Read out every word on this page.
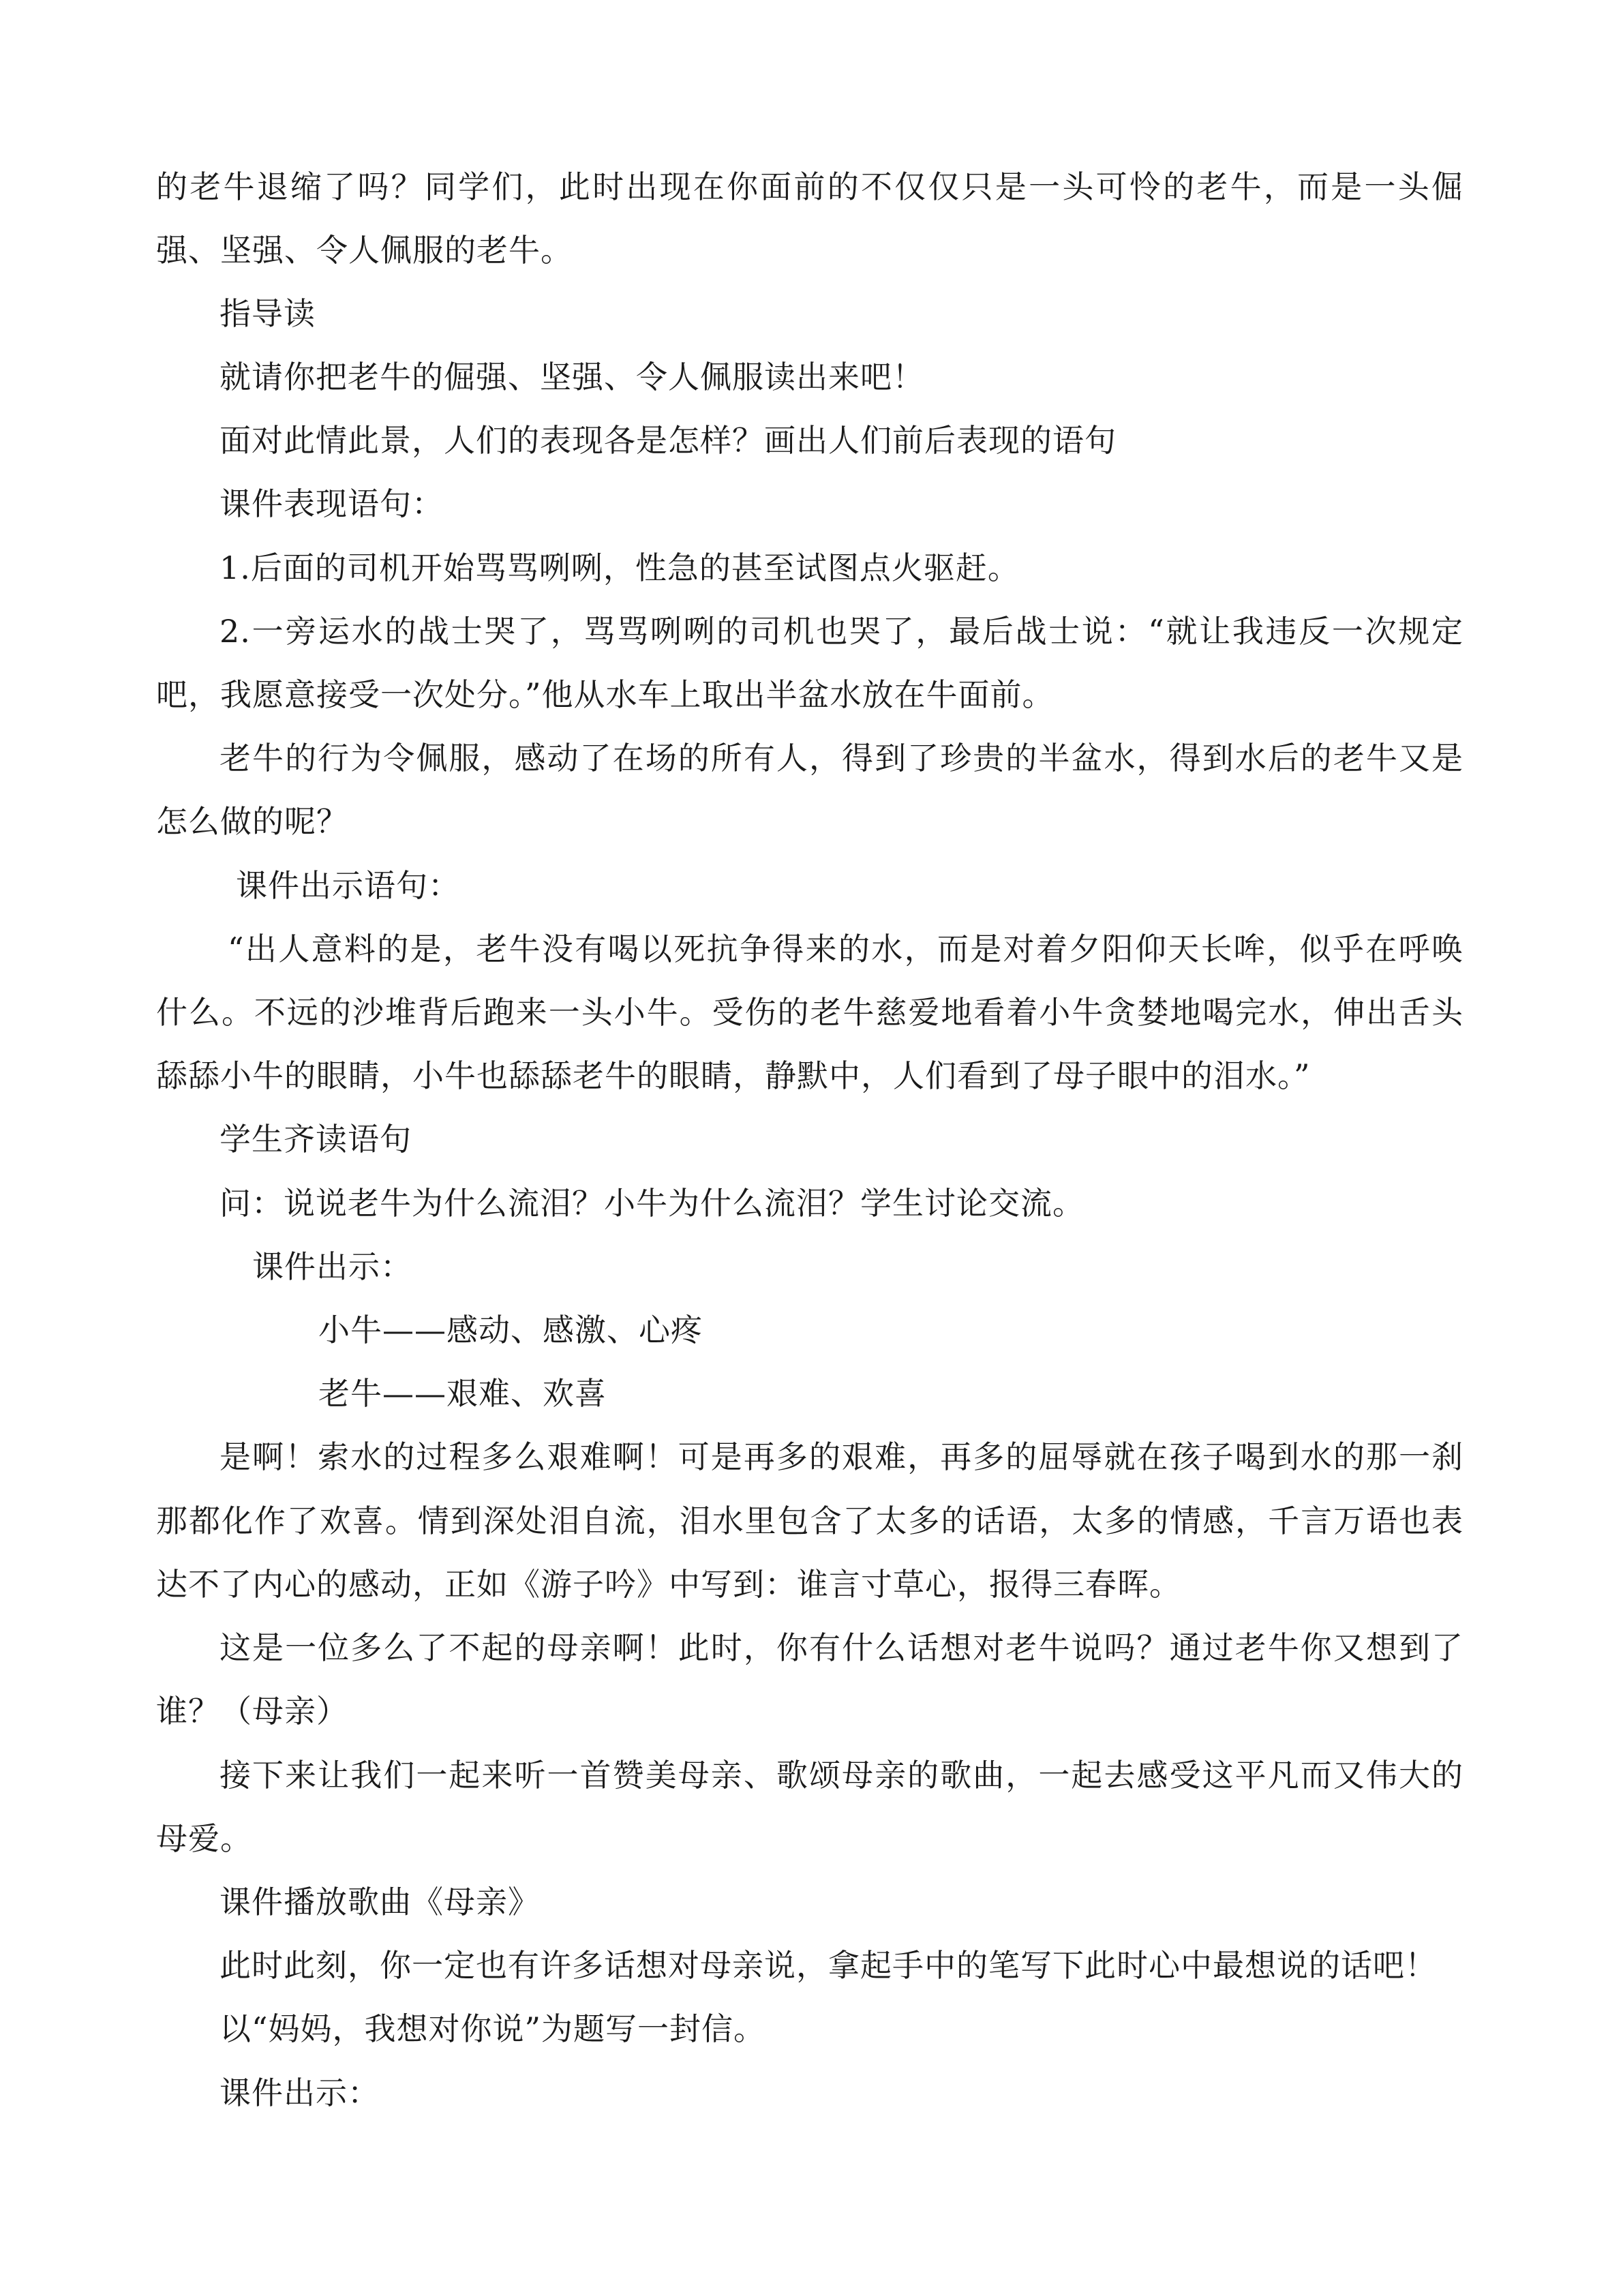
的老牛退缩了吗？同学们，此时出现在你面前的不仅仅只是一头可怜的老牛，而是一头倔
强、坚强、令人佩服的老牛。
指导读
就请你把老牛的倔强、坚强、令人佩服读出来吧！
面对此情此景，人们的表现各是怎样？画出人们前后表现的语句
课件表现语句：
1.后面的司机开始骂骂咧咧，性急的甚至试图点火驱赶。
2.一旁运水的战士哭了，骂骂咧咧的司机也哭了，最后战士说：“就让我违反一次规定
吧，我愿意接受一次处分。”他从水车上取出半盆水放在牛面前。
老牛的行为令佩服，感动了在场的所有人，得到了珍贵的半盆水，得到水后的老牛又是
怎么做的呢？
课件出示语句：
“出人意料的是，老牛没有喝以死抗争得来的水，而是对着夕阳仰天长哞，似乎在呼唤
什么。不远的沙堆背后跑来一头小牛。受伤的老牛慈爱地看着小牛贪婪地喝完水，伸出舌头
舔舔小牛的眼睛，小牛也舔舔老牛的眼睛，静默中，人们看到了母子眼中的泪水。”
学生齐读语句
问：说说老牛为什么流泪？小牛为什么流泪？学生讨论交流。
课件出示：
小牛——感动、感激、心疼
老牛——艰难、欢喜
是啊！索水的过程多么艰难啊！可是再多的艰难，再多的屈辱就在孩子喝到水的那一刹
那都化作了欢喜。情到深处泪自流，泪水里包含了太多的话语，太多的情感，千言万语也表
达不了内心的感动，正如《游子吟》中写到：谁言寸草心，报得三春晖。
这是一位多么了不起的母亲啊！此时，你有什么话想对老牛说吗？通过老牛你又想到了
谁？（母亲）
接下来让我们一起来听一首赞美母亲、歌颂母亲的歌曲，一起去感受这平凡而又伟大的
母爱。
课件播放歌曲《母亲》
此时此刻，你一定也有许多话想对母亲说，拿起手中的笔写下此时心中最想说的话吧！
以“妈妈，我想对你说”为题写一封信。
课件出示：
